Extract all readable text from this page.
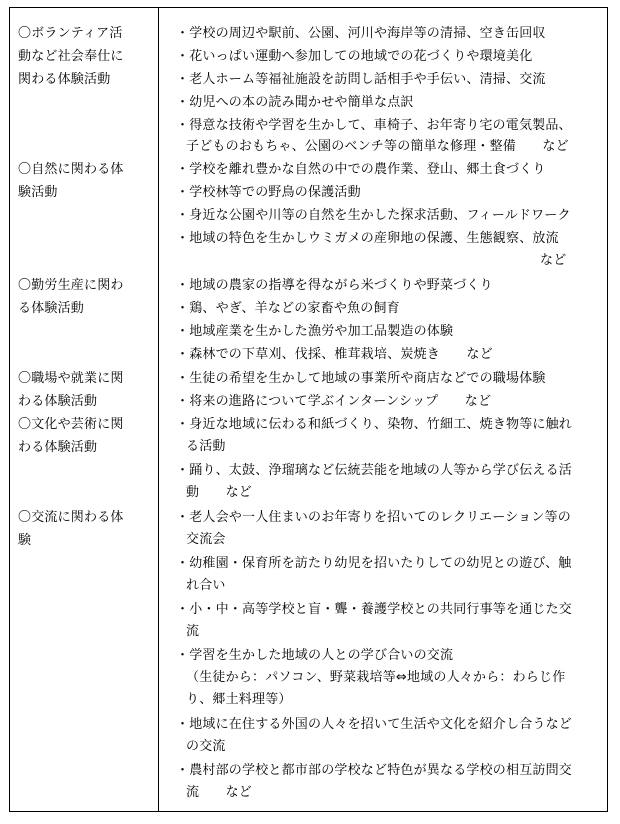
〇ボランティア活
動など社会奉仕に
関わる体験活動
〇自然に関わる体
験活動
〇勤労生産に関わ
る体験活動
〇職場や就業に関
わる体験活動
〇文化や芸術に関
わる体験活動
〇交流に関わる体
験
・学校の周辺や駅前、公園、河川や海岸等の清掃、空き缶回収
・花いっぱい運動へ参加しての地域での花づくりや環境美化
・老人ホーム等福祉施設を訪問し話相手や手伝い、清掃、交流
・幼児への本の読み聞かせや簡単な点訳
・得意な技術や学習を生かして、車椅子、お年寄り宅の電気製品、
子どものおもちゃ、公園のベンチ等の簡単な修理・整備　　など
・学校を離れ豊かな自然の中での農作業、登山、郷土食づくり
・学校林等での野鳥の保護活動
・身近な公園や川等の自然を生かした探求活動、フィールドワーク
・地域の特色を生かしウミガメの産卵地の保護、生態観察、放流
など
・地域の農家の指導を得ながら米づくりや野菜づくり
・鶏、やぎ、羊などの家畜や魚の飼育
・地域産業を生かした漁労や加工品製造の体験
・森林での下草刈、伐採、椎茸栽培、炭焼き　　など
・生徒の希望を生かして地域の事業所や商店などでの職場体験
・将来の進路について学ぶインターンシップ　　など
・身近な地域に伝わる和紙づくり、染物、竹細工、焼き物等に触れ
る活動
・踊り、太鼓、浄瑠璃など伝統芸能を地域の人等から学び伝える活
動　　など
・老人会や一人住まいのお年寄りを招いてのレクリエーション等の
交流会
・幼稚園・保育所を訪たり幼児を招いたりしての幼児との遊び、触
れ合い
・小・中・高等学校と盲・聾・養護学校との共同行事等を通じた交
流
・学習を生かした地域の人との学び合いの交流
（生徒から：パソコン、野菜栽培等⇔地域の人々から：わらじ作
り、郷土料理等）
・地域に在住する外国の人々を招いて生活や文化を紹介し合うなど
の交流
・農村部の学校と都市部の学校など特色が異なる学校の相互訪問交
流　　など
